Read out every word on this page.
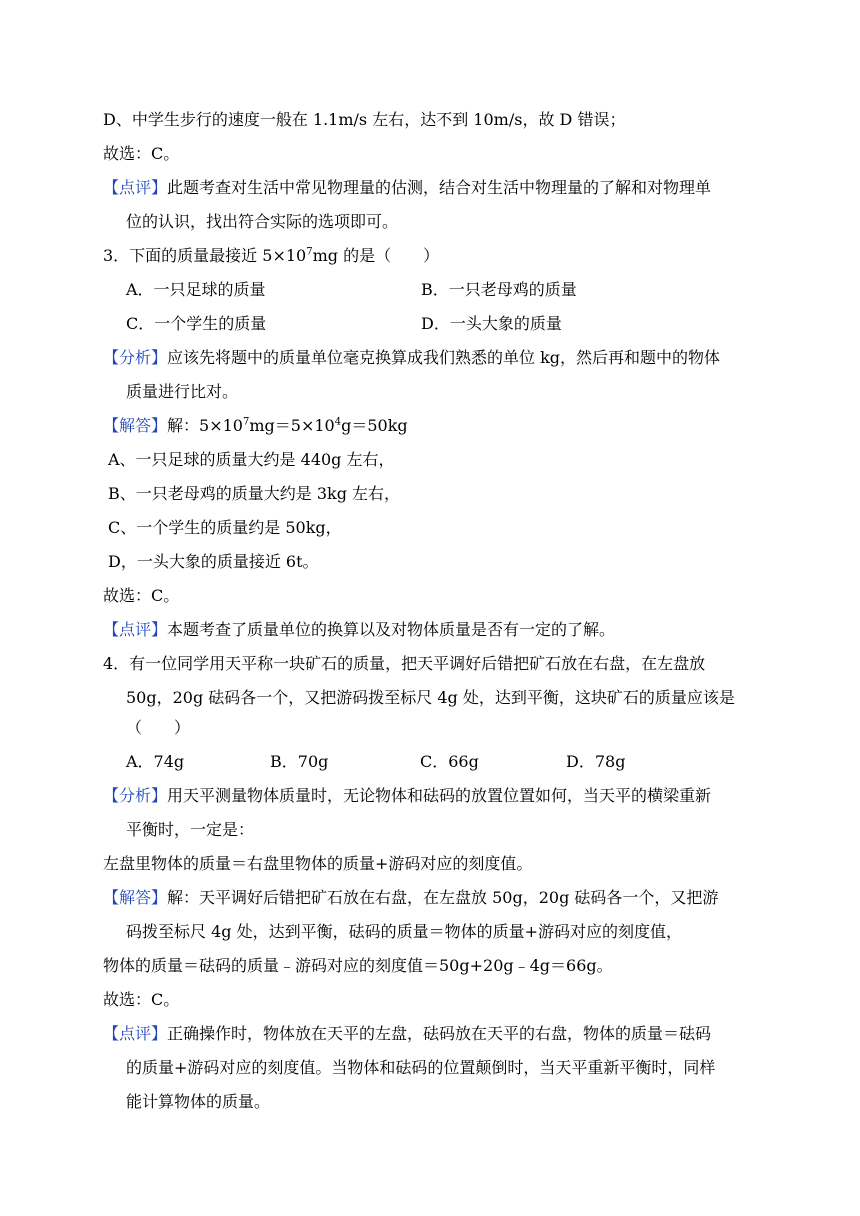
D、中学生步行的速度一般在 1.1m/s 左右，达不到 10m/s，故 D 错误；
故选：C。
【点评】此题考查对生活中常见物理量的估测，结合对生活中物理量的了解和对物理单
位的认识，找出符合实际的选项即可。
3．下面的质量最接近 $5\times 10^7mg$ 的是（　　）
A．一只足球的质量	B．一只老母鸡的质量
C．一个学生的质量	D．一头大象的质量
【分析】应该先将题中的质量单位毫克换算成我们熟悉的单位 kg，然后再和题中的物体
质量进行比对。
【解答】解：$5\times 10^7mg=5\times 10^4g=50kg$
A、一只足球的质量大约是 440g 左右，
B、一只老母鸡的质量大约是 3kg 左右，
C、一个学生的质量约是 50kg，
D，一头大象的质量接近 6t。
故选：C。
【点评】本题考查了质量单位的换算以及对物体质量是否有一定的了解。
4．有一位同学用天平称一块矿石的质量，把天平调好后错把矿石放在右盘，在左盘放
50g，20g 砝码各一个，又把游码拨至标尺 4g 处，达到平衡，这块矿石的质量应该是
（　　）
A．74g	B．70g	C．66g	D．78g
【分析】用天平测量物体质量时，无论物体和砝码的放置位置如何，当天平的横梁重新
平衡时，一定是：
左盘里物体的质量＝右盘里物体的质量+游码对应的刻度值。
【解答】解：天平调好后错把矿石放在右盘，在左盘放 50g，20g 砝码各一个，又把游
码拨至标尺 4g 处，达到平衡，砝码的质量＝物体的质量+游码对应的刻度值，
物体的质量＝砝码的质量﹣游码对应的刻度值＝50g+20g﹣4g＝66g。
故选：C。
【点评】正确操作时，物体放在天平的左盘，砝码放在天平的右盘，物体的质量＝砝码
的质量+游码对应的刻度值。当物体和砝码的位置颠倒时，当天平重新平衡时，同样
能计算物体的质量。
